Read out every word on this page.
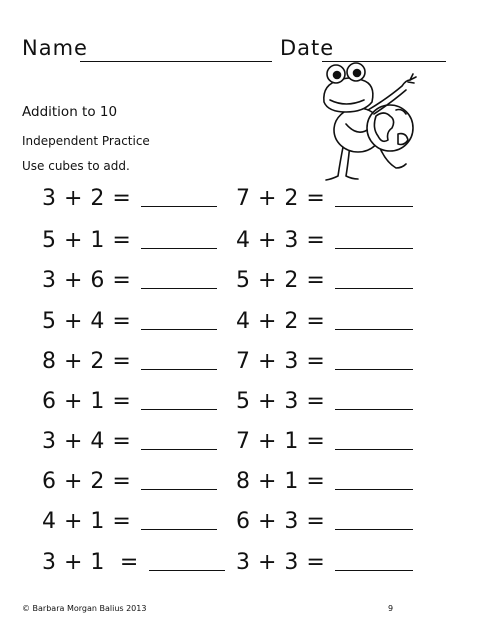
Name	Date
Addition to 10
Independent Practice
Use cubes to add.
3 + 2 =
5 + 1 =
3 + 6 =
5 + 4 =
8 + 2 =
6 + 1 =
3 + 4 =
6 + 2 =
4 + 1 =
3 + 1  =
7 + 2 =
4 + 3 =
5 + 2 =
4 + 2 =
7 + 3 =
5 + 3 =
7 + 1 =
8 + 1 =
6 + 3 =
3 + 3 =
© Barbara Morgan Balius 2013	9
